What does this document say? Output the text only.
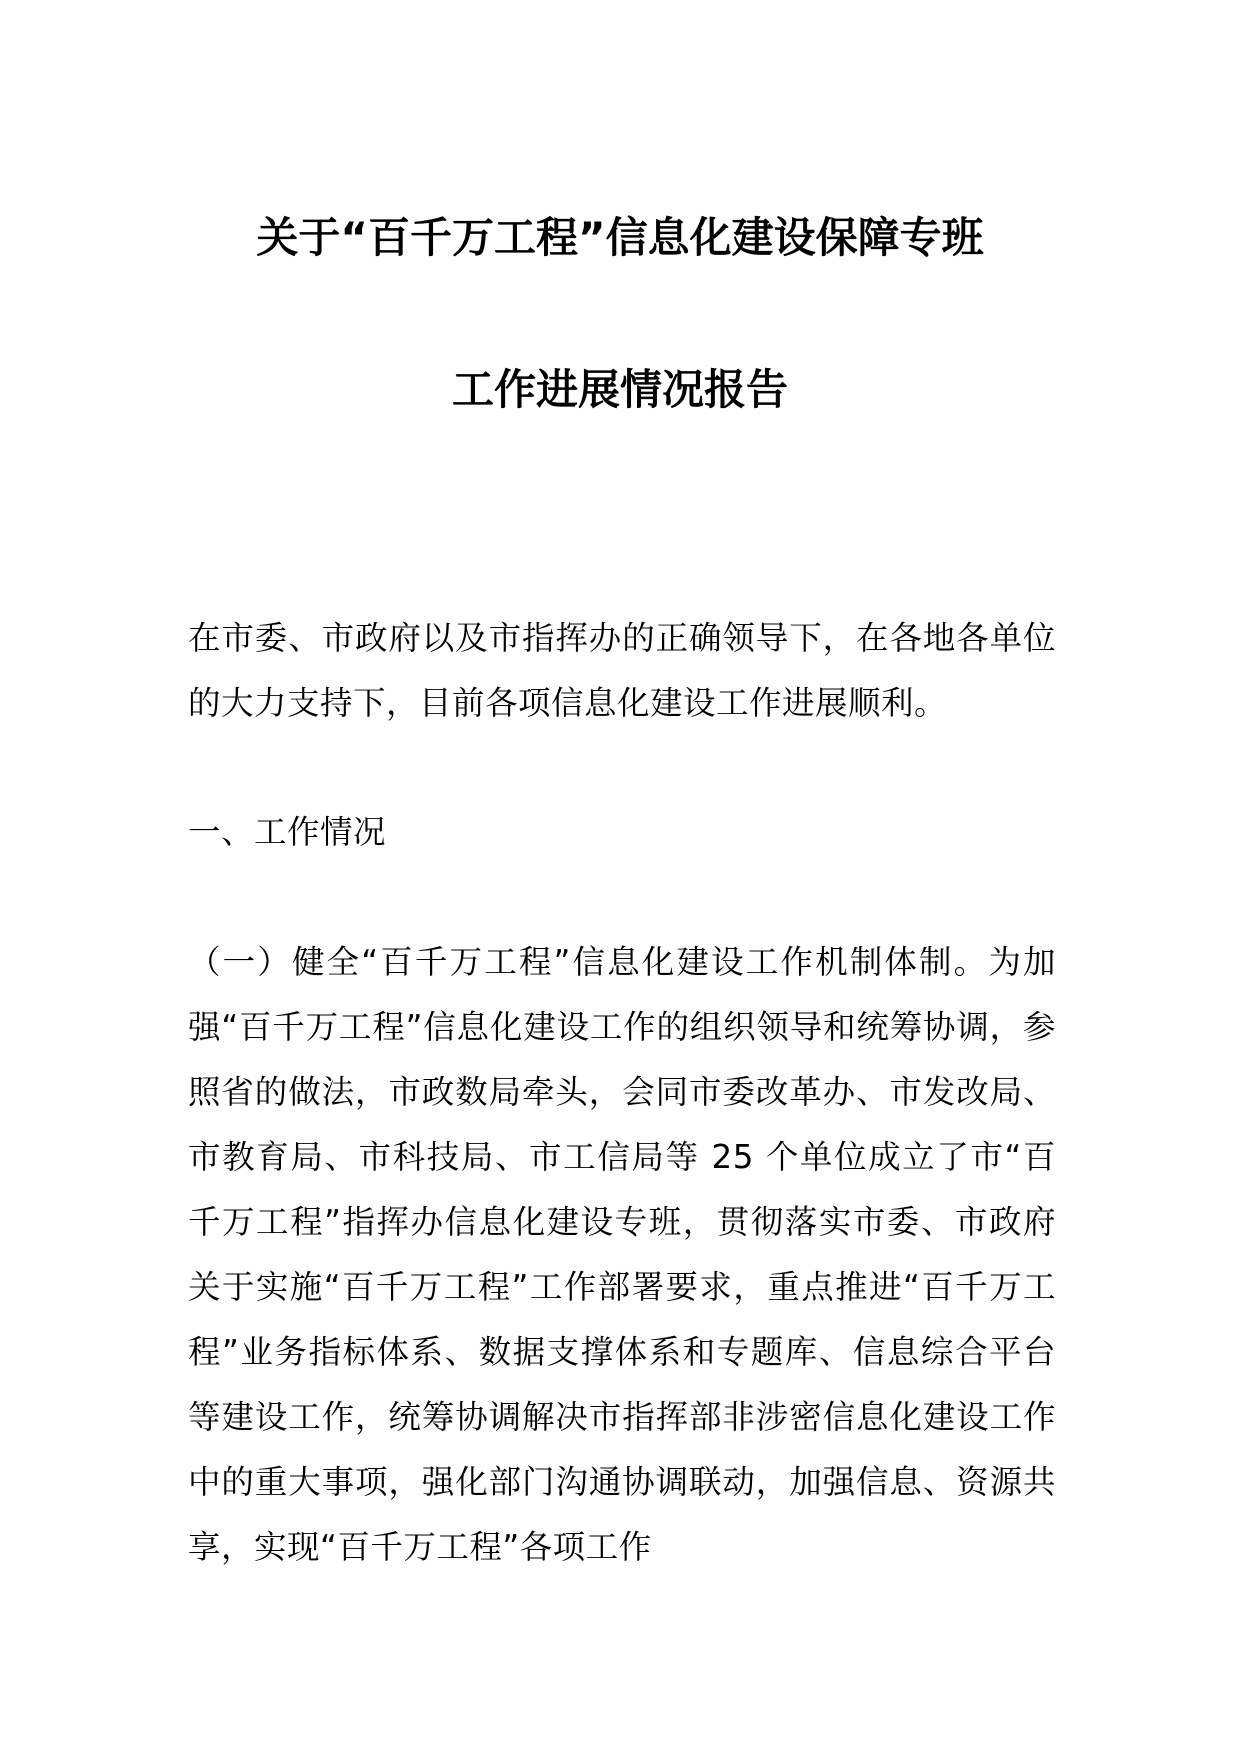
关于“百千万工程”信息化建设保障专班
工作进展情况报告

在市委、市政府以及市指挥办的正确领导下，在各地各单位的大力支持下，目前各项信息化建设工作进展顺利。

一、工作情况

（一）健全“百千万工程”信息化建设工作机制体制。为加强“百千万工程”信息化建设工作的组织领导和统筹协调，参照省的做法，市政数局牵头，会同市委改革办、市发改局、市教育局、市科技局、市工信局等 25 个单位成立了市“百千万工程”指挥办信息化建设专班，贯彻落实市委、市政府关于实施“百千万工程”工作部署要求，重点推进“百千万工程”业务指标体系、数据支撑体系和专题库、信息综合平台等建设工作，统筹协调解决市指挥部非涉密信息化建设工作中的重大事项，强化部门沟通协调联动，加强信息、资源共享，实现“百千万工程”各项工作
